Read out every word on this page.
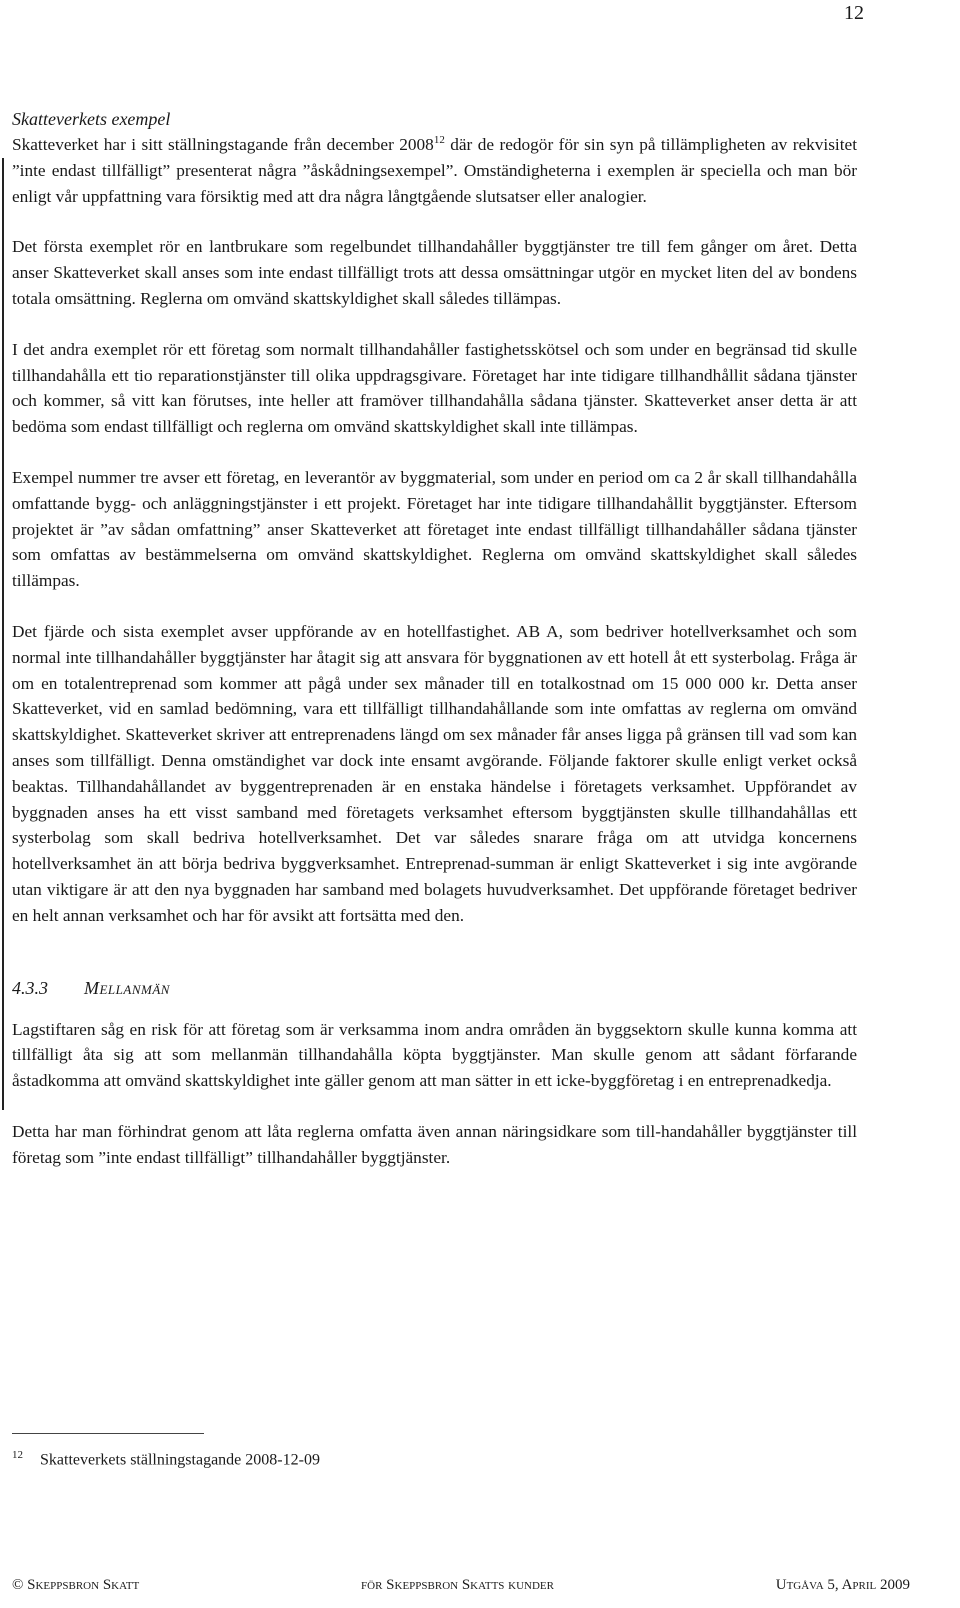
12

Skatteverkets exempel

Skatteverket har i sitt ställningstagande från december 2008$^{12}$ där de redogör för sin syn på tillämpligheten av rekvisitet ”inte endast tillfälligt” presenterat några ”åskådningsexempel”. Omständigheterna i exemplen är speciella och man bör enligt vår uppfattning vara försiktig med att dra några långtgående slutsatser eller analogier.

Det första exemplet rör en lantbrukare som regelbundet tillhandahåller byggtjänster tre till fem gånger om året. Detta anser Skatteverket skall anses som inte endast tillfälligt trots att dessa omsättningar utgör en mycket liten del av bondens totala omsättning. Reglerna om omvänd skattskyldighet skall således tillämpas.

I det andra exemplet rör ett företag som normalt tillhandahåller fastighetsskötsel och som under en begränsad tid skulle tillhandahålla ett tio reparationstjänster till olika uppdragsgivare. Företaget har inte tidigare tillhandhållit sådana tjänster och kommer, så vitt kan förutses, inte heller att framöver tillhandahålla sådana tjänster. Skatteverket anser detta är att bedöma som endast tillfälligt och reglerna om omvänd skattskyldighet skall inte tillämpas.

Exempel nummer tre avser ett företag, en leverantör av byggmaterial, som under en period om ca 2 år skall tillhandahålla omfattande bygg- och anläggningstjänster i ett projekt. Företaget har inte tidigare tillhandahållit byggtjänster. Eftersom projektet är ”av sådan omfattning” anser Skatteverket att företaget inte endast tillfälligt tillhandahåller sådana tjänster som omfattas av bestämmelserna om omvänd skattskyldighet. Reglerna om omvänd skattskyldighet skall således tillämpas.

Det fjärde och sista exemplet avser uppförande av en hotellfastighet. AB A, som bedriver hotellverksamhet och som normal inte tillhandahåller byggtjänster har åtagit sig att ansvara för byggnationen av ett hotell åt ett systerbolag. Fråga är om en totalentreprenad som kommer att pågå under sex månader till en totalkostnad om 15 000 000 kr. Detta anser Skatteverket, vid en samlad bedömning, vara ett tillfälligt tillhandahållande som inte omfattas av reglerna om omvänd skattskyldighet. Skatteverket skriver att entreprenadens längd om sex månader får anses ligga på gränsen till vad som kan anses som tillfälligt. Denna omständighet var dock inte ensamt avgörande. Följande faktorer skulle enligt verket också beaktas. Tillhandahållandet av byggentreprenaden är en enstaka händelse i företagets verksamhet. Uppförandet av byggnaden anses ha ett visst samband med företagets verksamhet eftersom byggtjänsten skulle tillhandahållas ett systerbolag som skall bedriva hotellverksamhet. Det var således snarare fråga om att utvidga koncernens hotellverksamhet än att börja bedriva byggverksamhet. Entreprenad-summan är enligt Skatteverket i sig inte avgörande utan viktigare är att den nya byggnaden har samband med bolagets huvudverksamhet. Det uppförande företaget bedriver en helt annan verksamhet och har för avsikt att fortsätta med den.

4.3.3 Mellanmän

Lagstiftaren såg en risk för att företag som är verksamma inom andra områden än byggsektorn skulle kunna komma att tillfälligt åta sig att som mellanmän tillhandahålla köpta byggtjänster. Man skulle genom att sådant förfarande åstadkomma att omvänd skattskyldighet inte gäller genom att man sätter in ett icke-byggföretag i en entreprenadkedja.

Detta har man förhindrat genom att låta reglerna omfatta även annan näringsidkare som till-handahåller byggtjänster till företag som ”inte endast tillfälligt” tillhandahåller byggtjänster.

12 Skatteverkets ställningstagande 2008-12-09
© Skeppsbron Skatt	för Skeppsbron Skatts kunder	Utgåva 5, April 2009
